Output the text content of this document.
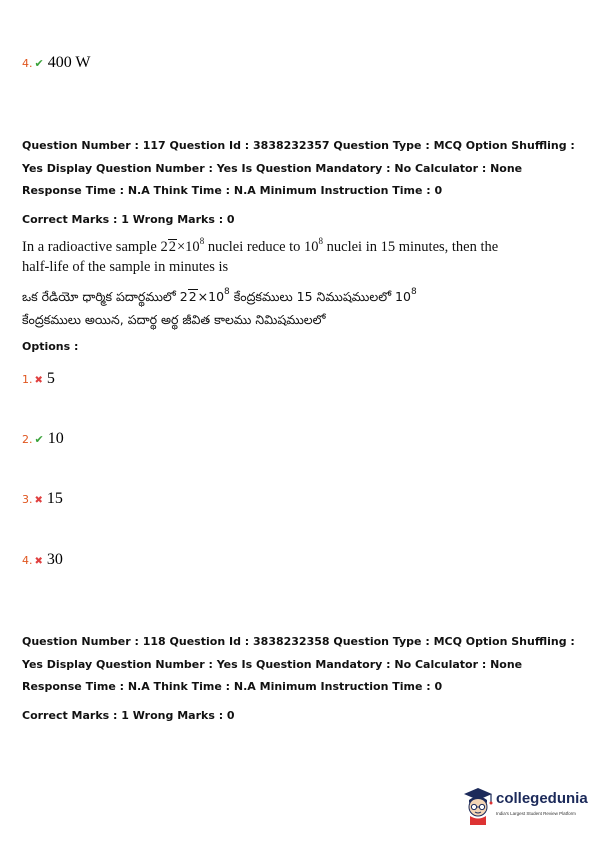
4. ✔ 400 W
Question Number : 117 Question Id : 3838232357 Question Type : MCQ Option Shuffling : Yes Display Question Number : Yes Is Question Mandatory : No Calculator : None Response Time : N.A Think Time : N.A Minimum Instruction Time : 0
Correct Marks : 1 Wrong Marks : 0
In a radioactive sample $22\times 10^8$ nuclei reduce to $10^8$ nuclei in 15 minutes, then the
half-life of the sample in minutes is
ఒక రేడియో ధార్మిక పదార్థములో $22\times 10^8$ కేంద్రకములు 15 నిముషములలో $10^8$
కేంద్రకములు అయిన, పదార్థ అర్థ జీవిత కాలము నిమిషములలో
Options :
1. ✖ 5
2. ✔ 10
3. ✖ 15
4. ✖ 30
Question Number : 118 Question Id : 3838232358 Question Type : MCQ Option Shuffling : Yes Display Question Number : Yes Is Question Mandatory : No Calculator : None Response Time : N.A Think Time : N.A Minimum Instruction Time : 0
Correct Marks : 1 Wrong Marks : 0
collegedunia
India's Largest Student Review Platform
